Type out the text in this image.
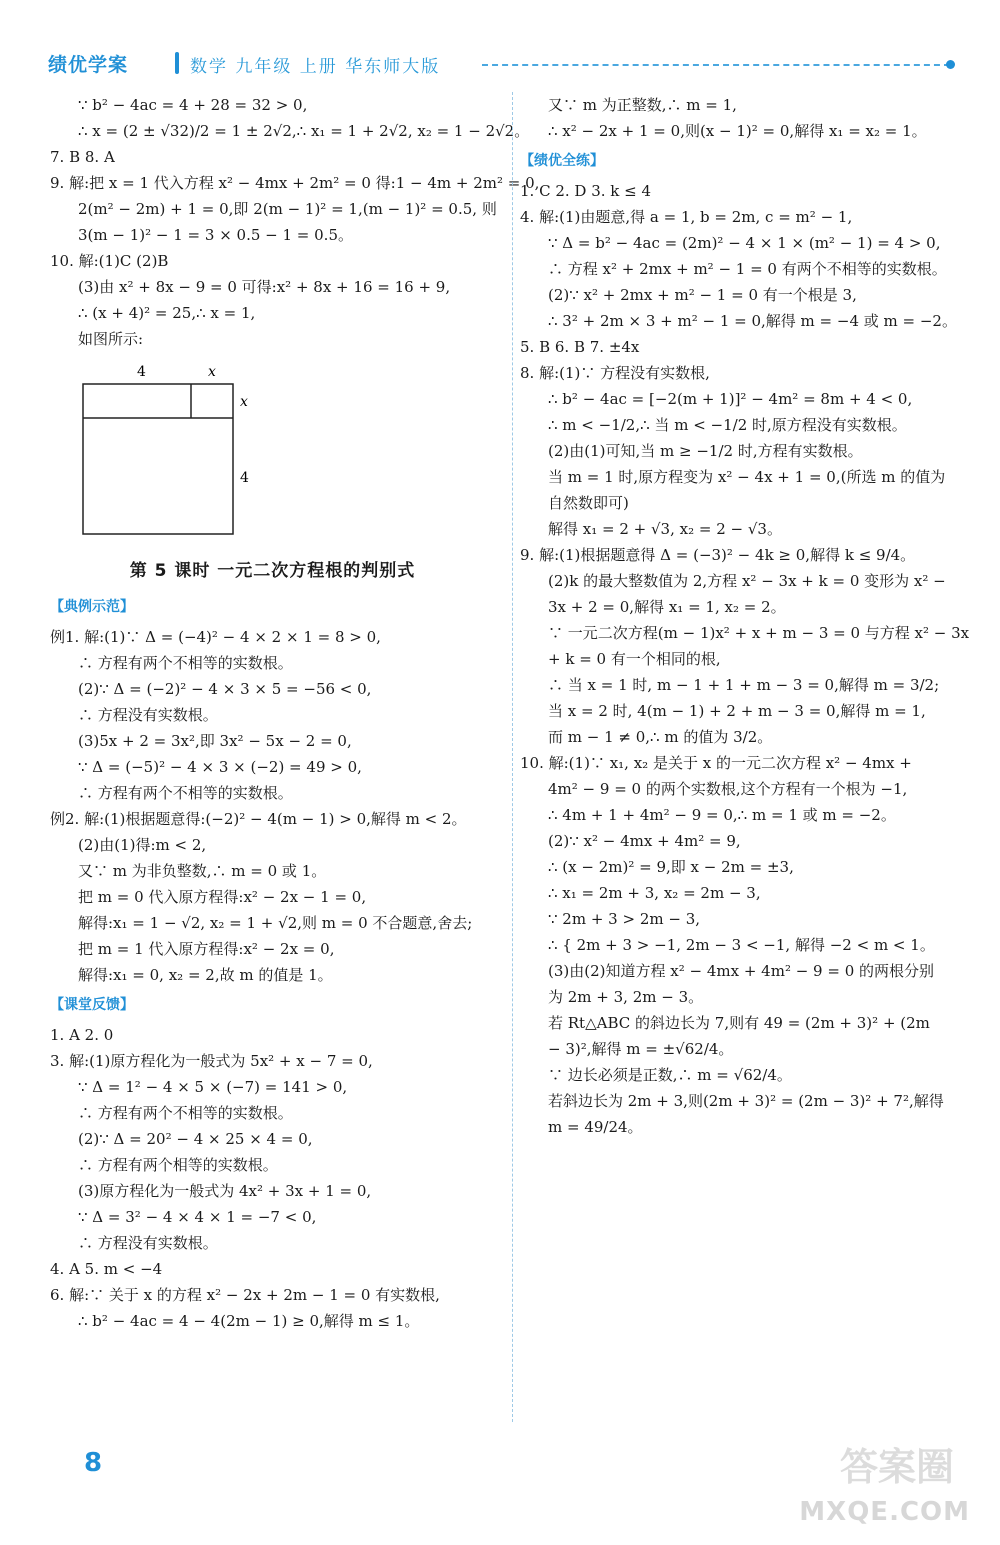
绩优学案	数学 九年级 上册 华东师大版
∵ b² − 4ac = 4 + 28 = 32 > 0,
∴ x = (2 ± √32)/2 = 1 ± 2√2,∴ x₁ = 1 + 2√2, x₂ = 1 − 2√2。
7. B 8. A
9. 解:把 x = 1 代入方程 x² − 4mx + 2m² = 0 得:1 − 4m + 2m² = 0,
2(m² − 2m) + 1 = 0,即 2(m − 1)² = 1,(m − 1)² = 0.5, 则
3(m − 1)² − 1 = 3 × 0.5 − 1 = 0.5。
10. 解:(1)C (2)B
(3)由 x² + 8x − 9 = 0 可得:x² + 8x + 16 = 16 + 9,
∴ (x + 4)² = 25,∴ x = 1,
如图所示:
4	x
x
4
第 5 课时 一元二次方程根的判别式
【典例示范】
例1. 解:(1)∵ Δ = (−4)² − 4 × 2 × 1 = 8 > 0,
∴ 方程有两个不相等的实数根。
(2)∵ Δ = (−2)² − 4 × 3 × 5 = −56 < 0,
∴ 方程没有实数根。
(3)5x + 2 = 3x²,即 3x² − 5x − 2 = 0,
∵ Δ = (−5)² − 4 × 3 × (−2) = 49 > 0,
∴ 方程有两个不相等的实数根。
例2. 解:(1)根据题意得:(−2)² − 4(m − 1) > 0,解得 m < 2。
(2)由(1)得:m < 2,
又∵ m 为非负整数,∴ m = 0 或 1。
把 m = 0 代入原方程得:x² − 2x − 1 = 0,
解得:x₁ = 1 − √2, x₂ = 1 + √2,则 m = 0 不合题意,舍去;
把 m = 1 代入原方程得:x² − 2x = 0,
解得:x₁ = 0, x₂ = 2,故 m 的值是 1。
【课堂反馈】
1. A 2. 0
3. 解:(1)原方程化为一般式为 5x² + x − 7 = 0,
∵ Δ = 1² − 4 × 5 × (−7) = 141 > 0,
∴ 方程有两个不相等的实数根。
(2)∵ Δ = 20² − 4 × 25 × 4 = 0,
∴ 方程有两个相等的实数根。
(3)原方程化为一般式为 4x² + 3x + 1 = 0,
∵ Δ = 3² − 4 × 4 × 1 = −7 < 0,
∴ 方程没有实数根。
4. A 5. m < −4
6. 解:∵ 关于 x 的方程 x² − 2x + 2m − 1 = 0 有实数根,
∴ b² − 4ac = 4 − 4(2m − 1) ≥ 0,解得 m ≤ 1。
又∵ m 为正整数,∴ m = 1,
∴ x² − 2x + 1 = 0,则(x − 1)² = 0,解得 x₁ = x₂ = 1。
【绩优全练】
1. C 2. D 3. k ≤ 4
4. 解:(1)由题意,得 a = 1, b = 2m, c = m² − 1,
∵ Δ = b² − 4ac = (2m)² − 4 × 1 × (m² − 1) = 4 > 0,
∴ 方程 x² + 2mx + m² − 1 = 0 有两个不相等的实数根。
(2)∵ x² + 2mx + m² − 1 = 0 有一个根是 3,
∴ 3² + 2m × 3 + m² − 1 = 0,解得 m = −4 或 m = −2。
5. B 6. B 7. ±4x
8. 解:(1)∵ 方程没有实数根,
∴ b² − 4ac = [−2(m + 1)]² − 4m² = 8m + 4 < 0,
∴ m < −1/2,∴ 当 m < −1/2 时,原方程没有实数根。
(2)由(1)可知,当 m ≥ −1/2 时,方程有实数根。
当 m = 1 时,原方程变为 x² − 4x + 1 = 0,(所选 m 的值为
自然数即可)
解得 x₁ = 2 + √3, x₂ = 2 − √3。
9. 解:(1)根据题意得 Δ = (−3)² − 4k ≥ 0,解得 k ≤ 9/4。
(2)k 的最大整数值为 2,方程 x² − 3x + k = 0 变形为 x² −
3x + 2 = 0,解得 x₁ = 1, x₂ = 2。
∵ 一元二次方程(m − 1)x² + x + m − 3 = 0 与方程 x² − 3x
+ k = 0 有一个相同的根,
∴ 当 x = 1 时, m − 1 + 1 + m − 3 = 0,解得 m = 3/2;
当 x = 2 时, 4(m − 1) + 2 + m − 3 = 0,解得 m = 1,
而 m − 1 ≠ 0,∴ m 的值为 3/2。
10. 解:(1)∵ x₁, x₂ 是关于 x 的一元二次方程 x² − 4mx +
4m² − 9 = 0 的两个实数根,这个方程有一个根为 −1,
∴ 4m + 1 + 4m² − 9 = 0,∴ m = 1 或 m = −2。
(2)∵ x² − 4mx + 4m² = 9,
∴ (x − 2m)² = 9,即 x − 2m = ±3,
∴ x₁ = 2m + 3, x₂ = 2m − 3,
∵ 2m + 3 > 2m − 3,
∴ { 2m + 3 > −1, 2m − 3 < −1, 解得 −2 < m < 1。
(3)由(2)知道方程 x² − 4mx + 4m² − 9 = 0 的两根分别
为 2m + 3, 2m − 3。
若 Rt△ABC 的斜边长为 7,则有 49 = (2m + 3)² + (2m
− 3)²,解得 m = ±√62/4。
∵ 边长必须是正数,∴ m = √62/4。
若斜边长为 2m + 3,则(2m + 3)² = (2m − 3)² + 7²,解得
m = 49/24。
8	答案圈
MXQE.COM
